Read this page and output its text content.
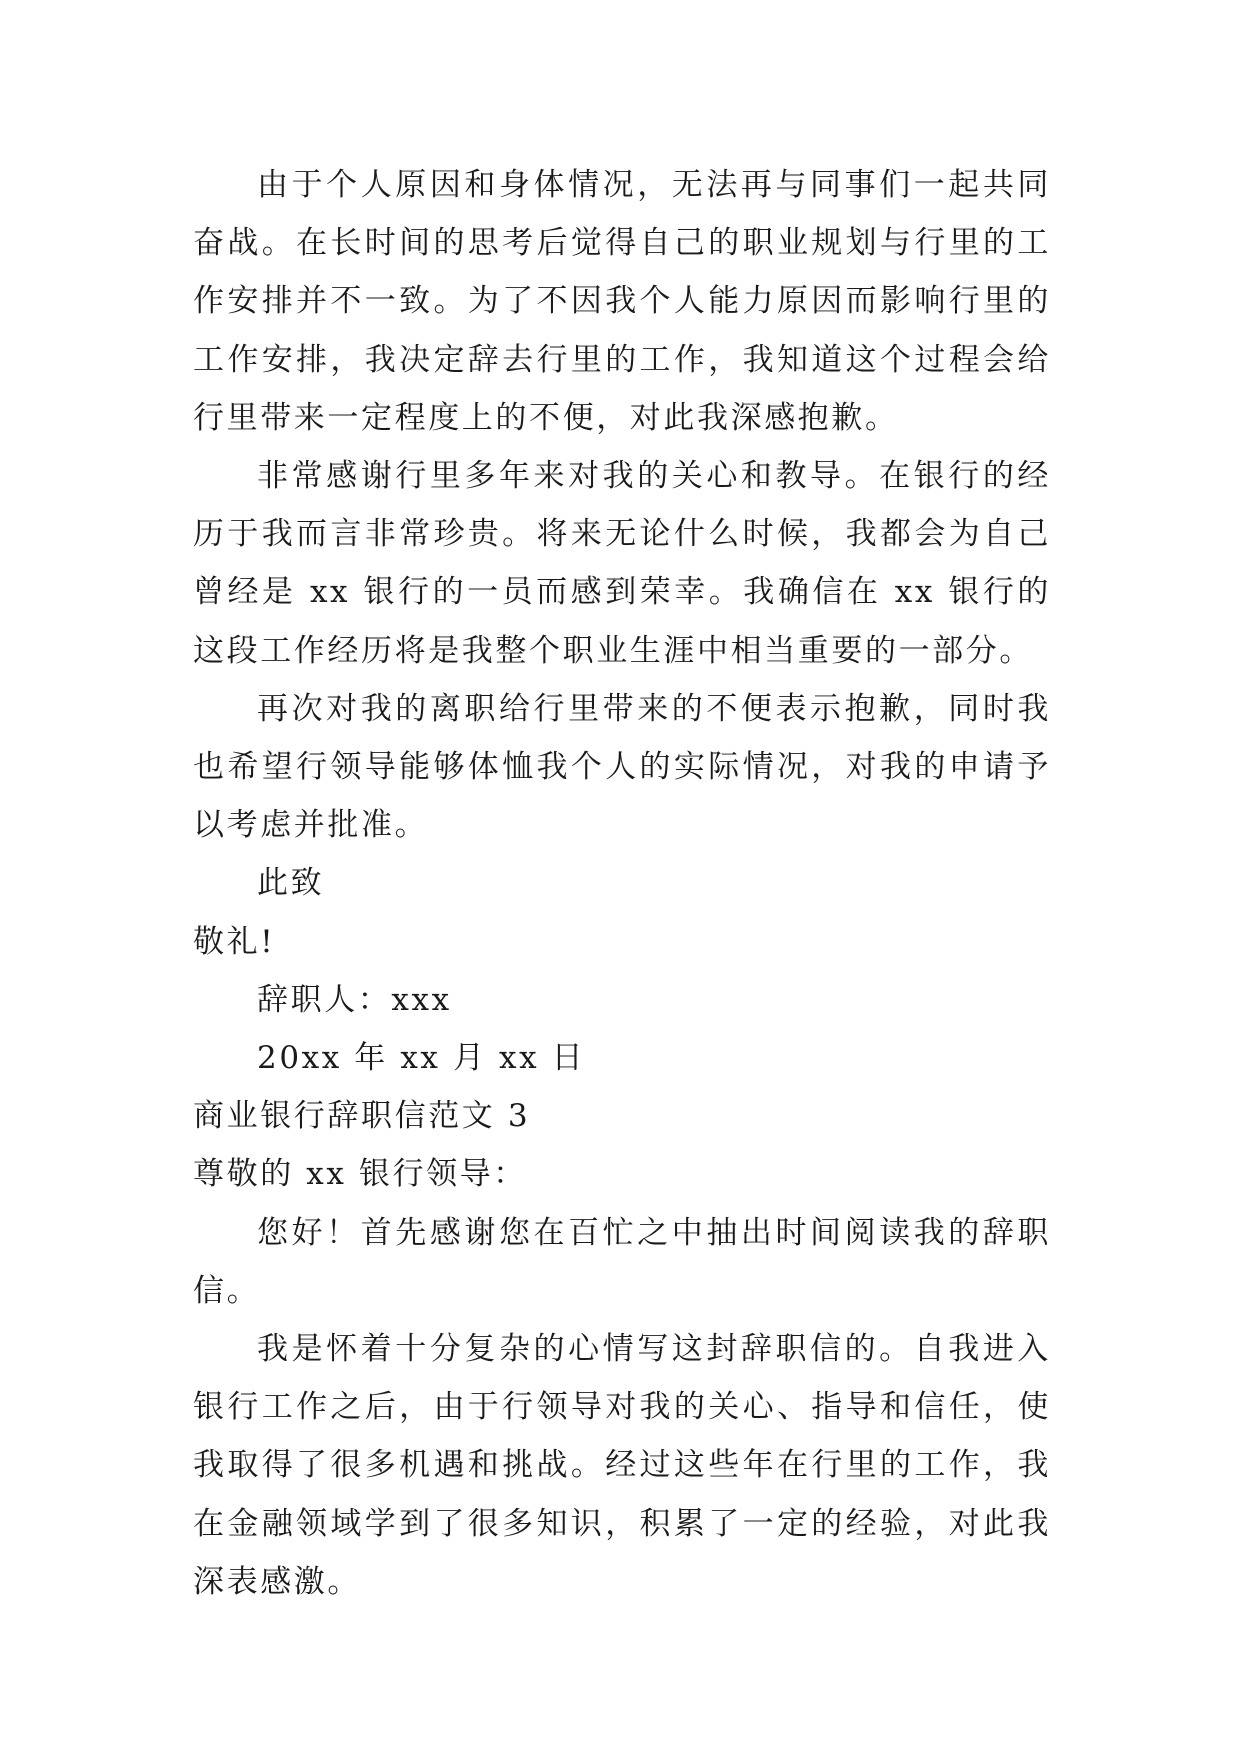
由于个人原因和身体情况，无法再与同事们一起共同奋战。在长时间的思考后觉得自己的职业规划与行里的工作安排并不一致。为了不因我个人能力原因而影响行里的工作安排，我决定辞去行里的工作，我知道这个过程会给行里带来一定程度上的不便，对此我深感抱歉。

非常感谢行里多年来对我的关心和教导。在银行的经历于我而言非常珍贵。将来无论什么时候，我都会为自己曾经是 xx 银行的一员而感到荣幸。我确信在 xx 银行的这段工作经历将是我整个职业生涯中相当重要的一部分。

再次对我的离职给行里带来的不便表示抱歉，同时我也希望行领导能够体恤我个人的实际情况，对我的申请予以考虑并批准。

此致

敬礼!

辞职人：xxx

20xx 年 xx 月 xx 日

商业银行辞职信范文 3

尊敬的 xx 银行领导：

您好！首先感谢您在百忙之中抽出时间阅读我的辞职信。

我是怀着十分复杂的心情写这封辞职信的。自我进入银行工作之后，由于行领导对我的关心、指导和信任，使我取得了很多机遇和挑战。经过这些年在行里的工作，我在金融领域学到了很多知识，积累了一定的经验，对此我深表感激。
